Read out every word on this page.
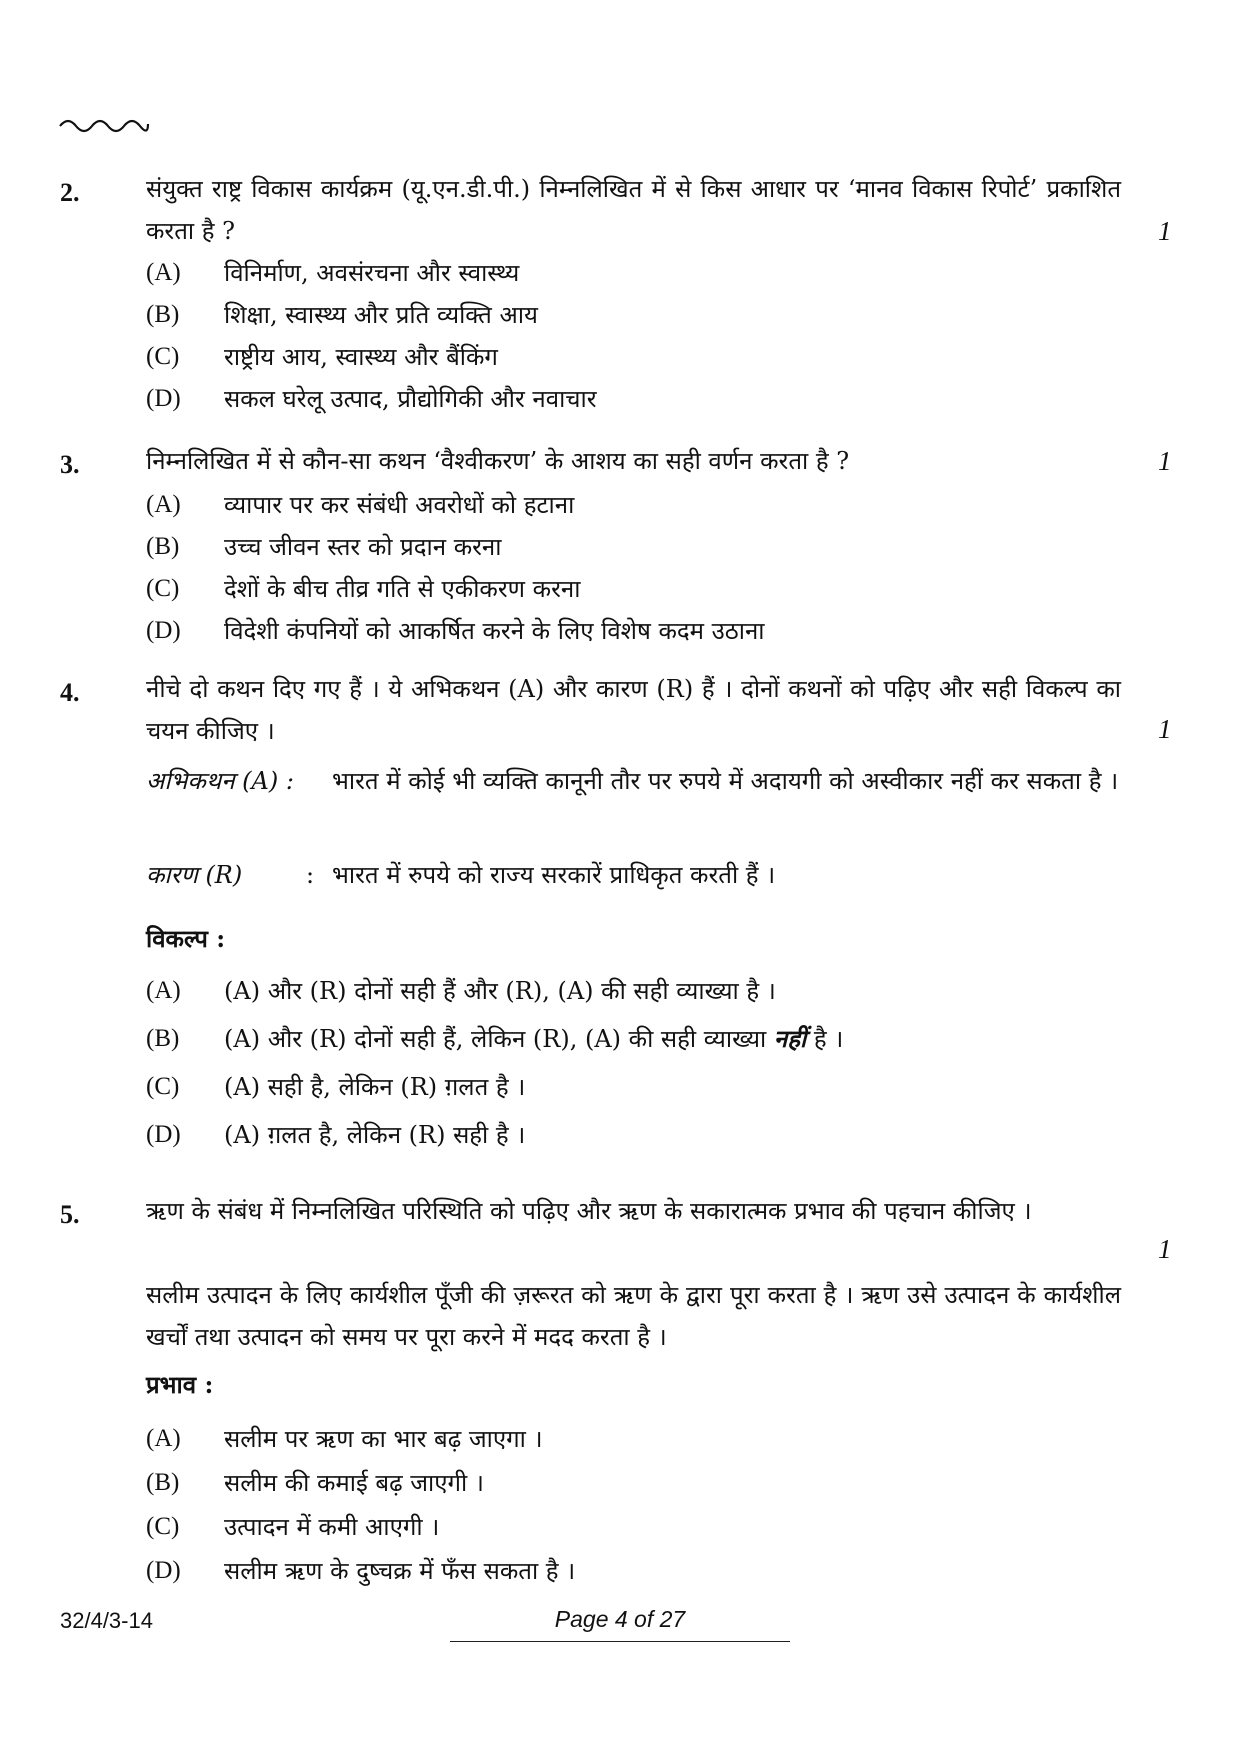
2.	संयुक्त राष्ट्र विकास कार्यक्रम (यू.एन.डी.पी.) निम्नलिखित में से किस आधार पर ‘मानव विकास रिपोर्ट’ प्रकाशित करता है ?	1
(A)	विनिर्माण, अवसंरचना और स्वास्थ्य
(B)	शिक्षा, स्वास्थ्य और प्रति व्यक्ति आय
(C)	राष्ट्रीय आय, स्वास्थ्य और बैंकिंग
(D)	सकल घरेलू उत्पाद, प्रौद्योगिकी और नवाचार
3.	निम्नलिखित में से कौन-सा कथन ‘वैश्वीकरण’ के आशय का सही वर्णन करता है ?	1
(A)	व्यापार पर कर संबंधी अवरोधों को हटाना
(B)	उच्च जीवन स्तर को प्रदान करना
(C)	देशों के बीच तीव्र गति से एकीकरण करना
(D)	विदेशी कंपनियों को आकर्षित करने के लिए विशेष कदम उठाना
4.	नीचे दो कथन दिए गए हैं । ये अभिकथन (A) और कारण (R) हैं । दोनों कथनों को पढ़िए और सही विकल्प का चयन कीजिए ।	1
अभिकथन (A) : भारत में कोई भी व्यक्ति कानूनी तौर पर रुपये में अदायगी को अस्वीकार नहीं कर सकता है ।
कारण (R)	: भारत में रुपये को राज्य सरकारें प्राधिकृत करती हैं ।
विकल्प :
(A)	(A) और (R) दोनों सही हैं और (R), (A) की सही व्याख्या है ।
(B)	(A) और (R) दोनों सही हैं, लेकिन (R), (A) की सही व्याख्या नहीं है ।
(C)	(A) सही है, लेकिन (R) ग़लत है ।
(D)	(A) ग़लत है, लेकिन (R) सही है ।
5.	ऋण के संबंध में निम्नलिखित परिस्थिति को पढ़िए और ऋण के सकारात्मक प्रभाव की पहचान कीजिए ।
1
सलीम उत्पादन के लिए कार्यशील पूँजी की ज़रूरत को ऋण के द्वारा पूरा करता है । ऋण उसे उत्पादन के कार्यशील खर्चों तथा उत्पादन को समय पर पूरा करने में मदद करता है ।
प्रभाव :
(A)	सलीम पर ऋण का भार बढ़ जाएगा ।
(B)	सलीम की कमाई बढ़ जाएगी ।
(C)	उत्पादन में कमी आएगी ।
(D)	सलीम ऋण के दुष्चक्र में फँस सकता है ।
32/4/3-14	Page 4 of 27
